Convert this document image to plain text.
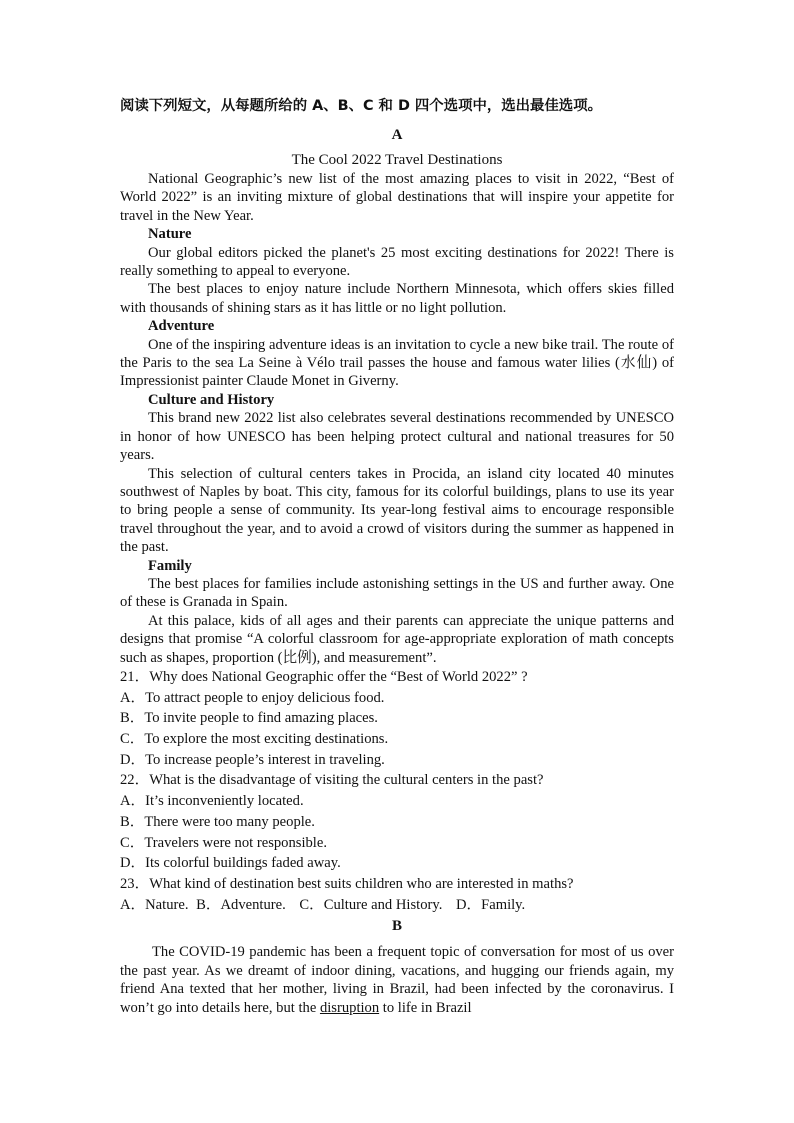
阅读下列短文，从每题所给的 A、B、C 和 D 四个选项中，选出最佳选项。
A
The Cool 2022 Travel Destinations

National Geographic’s new list of the most amazing places to visit in 2022, “Best of World 2022” is an inviting mixture of global destinations that will inspire your appetite for travel in the New Year.

Nature

Our global editors picked the planet's 25 most exciting destinations for 2022! There is really something to appeal to everyone.

The best places to enjoy nature include Northern Minnesota, which offers skies filled with thousands of shining stars as it has little or no light pollution.

Adventure

One of the inspiring adventure ideas is an invitation to cycle a new bike trail. The route of the Paris to the sea La Seine à Vélo trail passes the house and famous water lilies (水仙) of Impressionist painter Claude Monet in Giverny.

Culture and History

This brand new 2022 list also celebrates several destinations recommended by UNESCO in honor of how UNESCO has been helping protect cultural and national treasures for 50 years.

This selection of cultural centers takes in Procida, an island city located 40 minutes southwest of Naples by boat. This city, famous for its colorful buildings, plans to use its year to bring people a sense of community. Its year-long festival aims to encourage responsible travel throughout the year, and to avoid a crowd of visitors during the summer as happened in the past.

Family

The best places for families include astonishing settings in the US and further away. One of these is Granada in Spain.

At this palace, kids of all ages and their parents can appreciate the unique patterns and designs that promise “A colorful classroom for age-appropriate exploration of math concepts such as shapes, proportion (比例), and measurement”.

21．Why does National Geographic offer the “Best of World 2022” ?
A．To attract people to enjoy delicious food.
B．To invite people to find amazing places.
C．To explore the most exciting destinations.
D．To increase people’s interest in traveling.
22．What is the disadvantage of visiting the cultural centers in the past?
A．It’s inconveniently located.
B．There were too many people.
C．Travelers were not responsible.
D．Its colorful buildings faded away.
23．What kind of destination best suits children who are interested in maths?
A．Nature. B．Adventure. C．Culture and History. D．Family.
B

The COVID-19 pandemic has been a frequent topic of conversation for most of us over the past year. As we dreamt of indoor dining, vacations, and hugging our friends again, my friend Ana texted that her mother, living in Brazil, had been infected by the coronavirus. I won’t go into details here, but the disruption to life in Brazil
